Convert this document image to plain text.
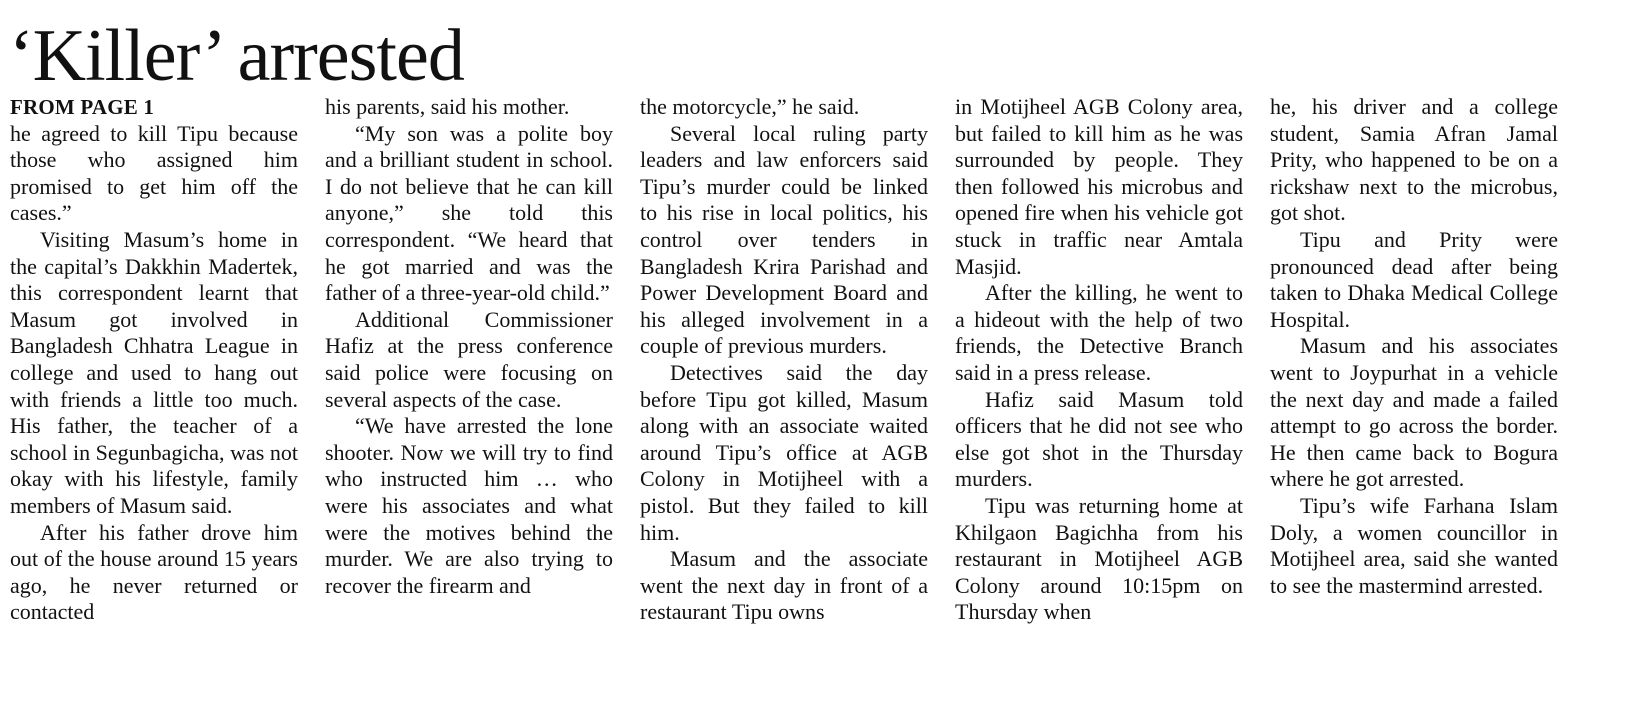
‘Killer’ arrested
FROM PAGE 1

he agreed to kill Tipu because those who assigned him promised to get him off the cases.”

Visiting Masum’s home in the capital’s Dakkhin Madertek, this correspondent learnt that Masum got involved in Bangladesh Chhatra League in college and used to hang out with friends a little too much. His father, the teacher of a school in Segunbagicha, was not okay with his lifestyle, family members of Masum said.

After his father drove him out of the house around 15 years ago, he never returned or contacted

his parents, said his mother.

“My son was a polite boy and a brilliant student in school. I do not believe that he can kill anyone,” she told this correspondent. “We heard that he got married and was the father of a three-year-old child.”

Additional Commissioner Hafiz at the press conference said police were focusing on several aspects of the case.

“We have arrested the lone shooter. Now we will try to find who instructed him … who were his associates and what were the motives behind the murder. We are also trying to recover the firearm and

the motorcycle,” he said.

Several local ruling party leaders and law enforcers said Tipu’s murder could be linked to his rise in local politics, his control over tenders in Bangladesh Krira Parishad and Power Development Board and his alleged involvement in a couple of previous murders.

Detectives said the day before Tipu got killed, Masum along with an associate waited around Tipu’s office at AGB Colony in Motijheel with a pistol. But they failed to kill him.

Masum and the associate went the next day in front of a restaurant Tipu owns

in Motijheel AGB Colony area, but failed to kill him as he was surrounded by people. They then followed his microbus and opened fire when his vehicle got stuck in traffic near Amtala Masjid.

After the killing, he went to a hideout with the help of two friends, the Detective Branch said in a press release.

Hafiz said Masum told officers that he did not see who else got shot in the Thursday murders.

Tipu was returning home at Khilgaon Bagichha from his restaurant in Motijheel AGB Colony around 10:15pm on Thursday when

he, his driver and a college student, Samia Afran Jamal Prity, who happened to be on a rickshaw next to the microbus, got shot.

Tipu and Prity were pronounced dead after being taken to Dhaka Medical College Hospital.

Masum and his associates went to Joypurhat in a vehicle the next day and made a failed attempt to go across the border. He then came back to Bogura where he got arrested.

Tipu’s wife Farhana Islam Doly, a women councillor in Motijheel area, said she wanted to see the mastermind arrested.
